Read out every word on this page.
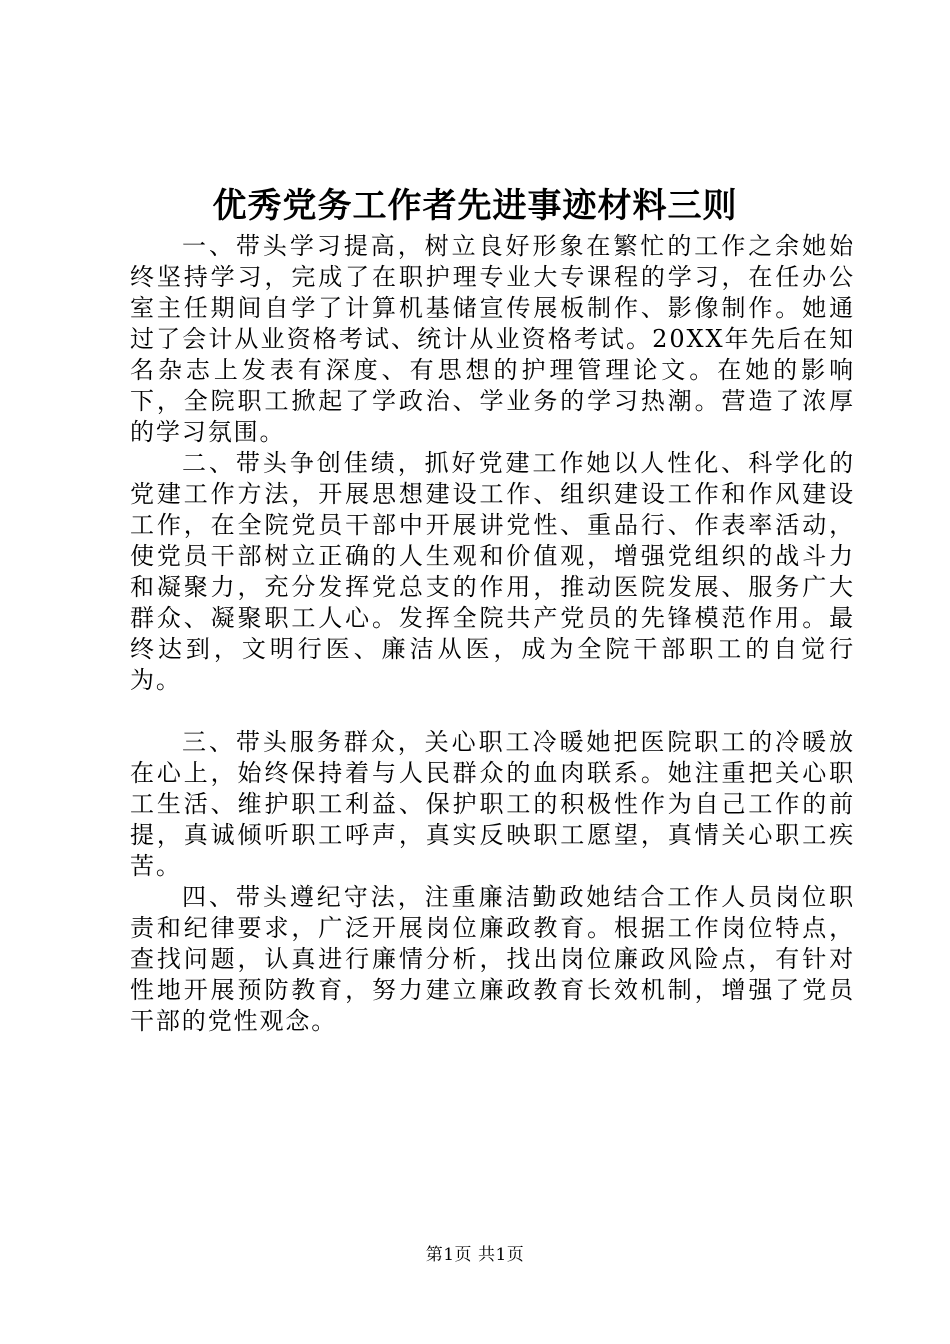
优秀党务工作者先进事迹材料三则

一、带头学习提高，树立良好形象在繁忙的工作之余她始终坚持学习，完成了在职护理专业大专课程的学习，在任办公室主任期间自学了计算机基储宣传展板制作、影像制作。她通过了会计从业资格考试、统计从业资格考试。20XX年先后在知名杂志上发表有深度、有思想的护理管理论文。在她的影响下，全院职工掀起了学政治、学业务的学习热潮。营造了浓厚的学习氛围。

二、带头争创佳绩，抓好党建工作她以人性化、科学化的党建工作方法，开展思想建设工作、组织建设工作和作风建设工作，在全院党员干部中开展讲党性、重品行、作表率活动，使党员干部树立正确的人生观和价值观，增强党组织的战斗力和凝聚力，充分发挥党总支的作用，推动医院发展、服务广大群众、凝聚职工人心。发挥全院共产党员的先锋模范作用。最终达到，文明行医、廉洁从医，成为全院干部职工的自觉行为。

三、带头服务群众，关心职工冷暖她把医院职工的冷暖放在心上，始终保持着与人民群众的血肉联系。她注重把关心职工生活、维护职工利益、保护职工的积极性作为自己工作的前提，真诚倾听职工呼声，真实反映职工愿望，真情关心职工疾苦。

四、带头遵纪守法，注重廉洁勤政她结合工作人员岗位职责和纪律要求，广泛开展岗位廉政教育。根据工作岗位特点，查找问题，认真进行廉情分析，找出岗位廉政风险点，有针对性地开展预防教育，努力建立廉政教育长效机制，增强了党员干部的党性观念。

第1页 共1页
